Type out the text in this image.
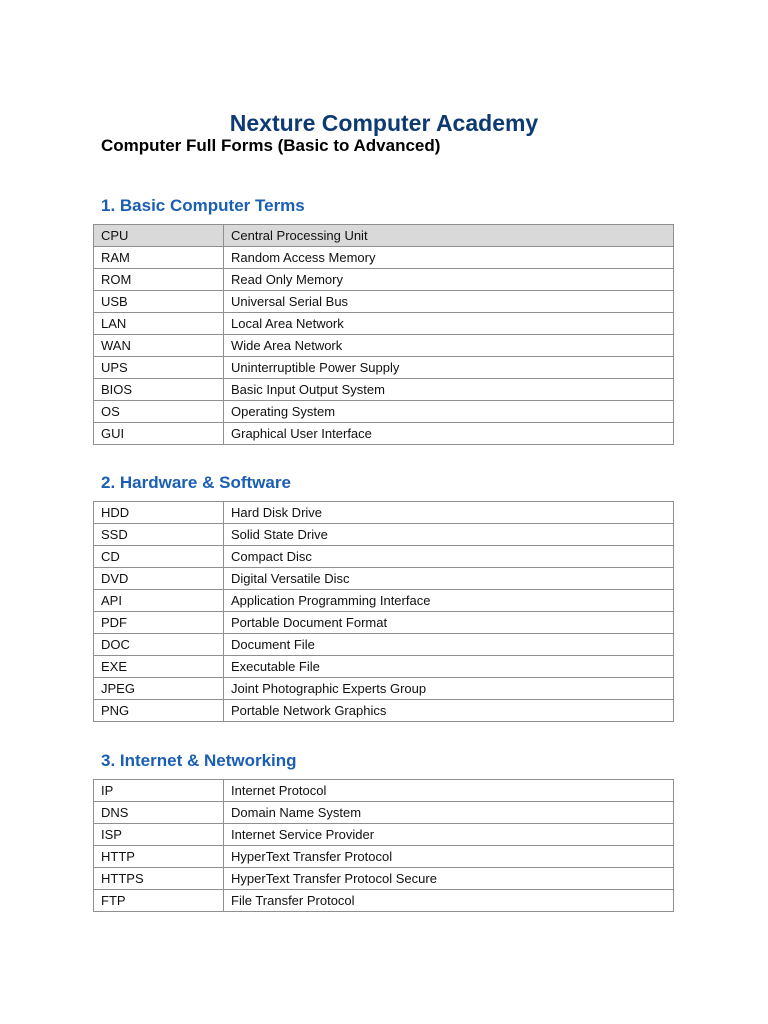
Nexture Computer Academy
Computer Full Forms (Basic to Advanced)
1. Basic Computer Terms
CPU	Central Processing Unit
RAM	Random Access Memory
ROM	Read Only Memory
USB	Universal Serial Bus
LAN	Local Area Network
WAN	Wide Area Network
UPS	Uninterruptible Power Supply
BIOS	Basic Input Output System
OS	Operating System
GUI	Graphical User Interface
2. Hardware & Software
HDD	Hard Disk Drive
SSD	Solid State Drive
CD	Compact Disc
DVD	Digital Versatile Disc
API	Application Programming Interface
PDF	Portable Document Format
DOC	Document File
EXE	Executable File
JPEG	Joint Photographic Experts Group
PNG	Portable Network Graphics
3. Internet & Networking
IP	Internet Protocol
DNS	Domain Name System
ISP	Internet Service Provider
HTTP	HyperText Transfer Protocol
HTTPS	HyperText Transfer Protocol Secure
FTP	File Transfer Protocol
